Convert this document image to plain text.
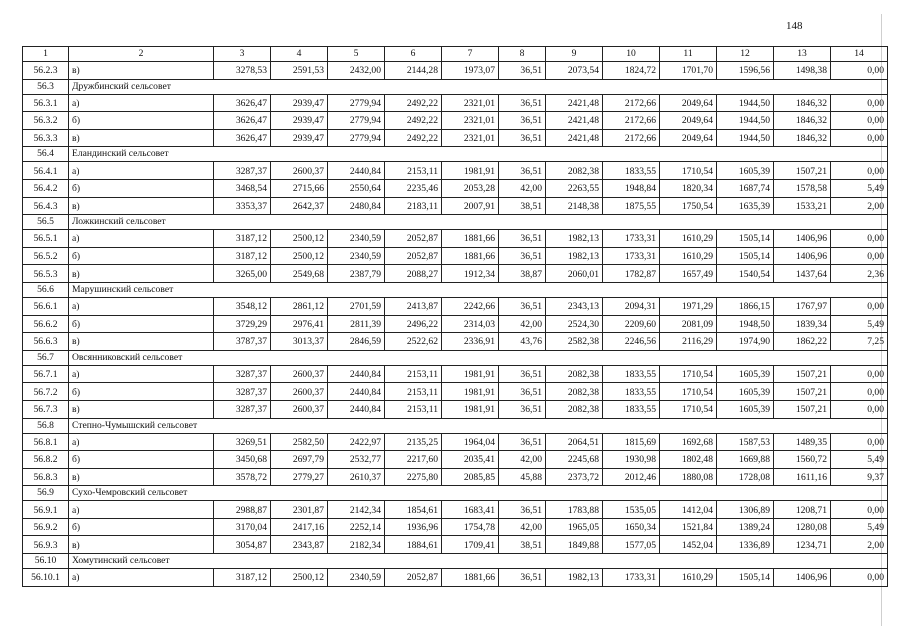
148
1	2	3	4	5	6	7	8	9	10	11	12	13	14
56.2.3	в)	3278,53	2591,53	2432,00	2144,28	1973,07	36,51	2073,54	1824,72	1701,70	1596,56	1498,38	0,00
56.3	Дружбинский сельсовет												
56.3.1	а)	3626,47	2939,47	2779,94	2492,22	2321,01	36,51	2421,48	2172,66	2049,64	1944,50	1846,32	0,00
56.3.2	б)	3626,47	2939,47	2779,94	2492,22	2321,01	36,51	2421,48	2172,66	2049,64	1944,50	1846,32	0,00
56.3.3	в)	3626,47	2939,47	2779,94	2492,22	2321,01	36,51	2421,48	2172,66	2049,64	1944,50	1846,32	0,00
56.4	Еландинский сельсовет												
56.4.1	а)	3287,37	2600,37	2440,84	2153,11	1981,91	36,51	2082,38	1833,55	1710,54	1605,39	1507,21	0,00
56.4.2	б)	3468,54	2715,66	2550,64	2235,46	2053,28	42,00	2263,55	1948,84	1820,34	1687,74	1578,58	5,49
56.4.3	в)	3353,37	2642,37	2480,84	2183,11	2007,91	38,51	2148,38	1875,55	1750,54	1635,39	1533,21	2,00
56.5	Ложкинский сельсовет												
56.5.1	а)	3187,12	2500,12	2340,59	2052,87	1881,66	36,51	1982,13	1733,31	1610,29	1505,14	1406,96	0,00
56.5.2	б)	3187,12	2500,12	2340,59	2052,87	1881,66	36,51	1982,13	1733,31	1610,29	1505,14	1406,96	0,00
56.5.3	в)	3265,00	2549,68	2387,79	2088,27	1912,34	38,87	2060,01	1782,87	1657,49	1540,54	1437,64	2,36
56.6	Марушинский сельсовет												
56.6.1	а)	3548,12	2861,12	2701,59	2413,87	2242,66	36,51	2343,13	2094,31	1971,29	1866,15	1767,97	0,00
56.6.2	б)	3729,29	2976,41	2811,39	2496,22	2314,03	42,00	2524,30	2209,60	2081,09	1948,50	1839,34	5,49
56.6.3	в)	3787,37	3013,37	2846,59	2522,62	2336,91	43,76	2582,38	2246,56	2116,29	1974,90	1862,22	7,25
56.7	Овсянниковский сельсовет												
56.7.1	а)	3287,37	2600,37	2440,84	2153,11	1981,91	36,51	2082,38	1833,55	1710,54	1605,39	1507,21	0,00
56.7.2	б)	3287,37	2600,37	2440,84	2153,11	1981,91	36,51	2082,38	1833,55	1710,54	1605,39	1507,21	0,00
56.7.3	в)	3287,37	2600,37	2440,84	2153,11	1981,91	36,51	2082,38	1833,55	1710,54	1605,39	1507,21	0,00
56.8	Степно-Чумышский сельсовет												
56.8.1	а)	3269,51	2582,50	2422,97	2135,25	1964,04	36,51	2064,51	1815,69	1692,68	1587,53	1489,35	0,00
56.8.2	б)	3450,68	2697,79	2532,77	2217,60	2035,41	42,00	2245,68	1930,98	1802,48	1669,88	1560,72	5,49
56.8.3	в)	3578,72	2779,27	2610,37	2275,80	2085,85	45,88	2373,72	2012,46	1880,08	1728,08	1611,16	9,37
56.9	Сухо-Чемровский сельсовет												
56.9.1	а)	2988,87	2301,87	2142,34	1854,61	1683,41	36,51	1783,88	1535,05	1412,04	1306,89	1208,71	0,00
56.9.2	б)	3170,04	2417,16	2252,14	1936,96	1754,78	42,00	1965,05	1650,34	1521,84	1389,24	1280,08	5,49
56.9.3	в)	3054,87	2343,87	2182,34	1884,61	1709,41	38,51	1849,88	1577,05	1452,04	1336,89	1234,71	2,00
56.10	Хомутинский сельсовет												
56.10.1	а)	3187,12	2500,12	2340,59	2052,87	1881,66	36,51	1982,13	1733,31	1610,29	1505,14	1406,96	0,00
